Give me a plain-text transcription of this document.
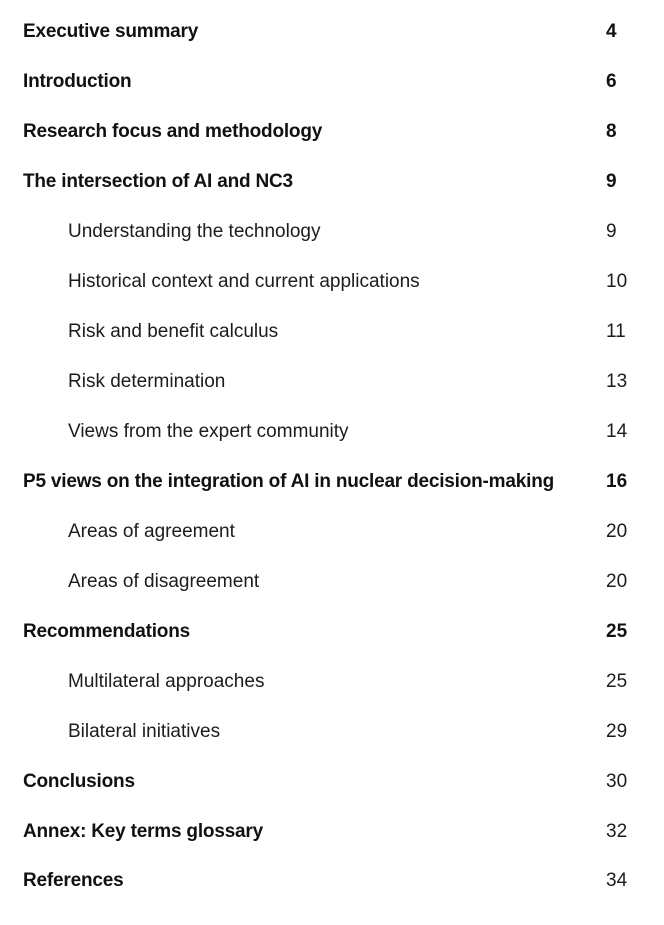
Executive summary	4
Introduction	6
Research focus and methodology	8
The intersection of AI and NC3	9
Understanding the technology	9
Historical context and current applications	10
Risk and benefit calculus	11
Risk determination	13
Views from the expert community	14
P5 views on the integration of AI in nuclear decision-making	16
Areas of agreement	20
Areas of disagreement	20
Recommendations	25
Multilateral approaches	25
Bilateral initiatives	29
Conclusions	30
Annex: Key terms glossary	32
References	34
